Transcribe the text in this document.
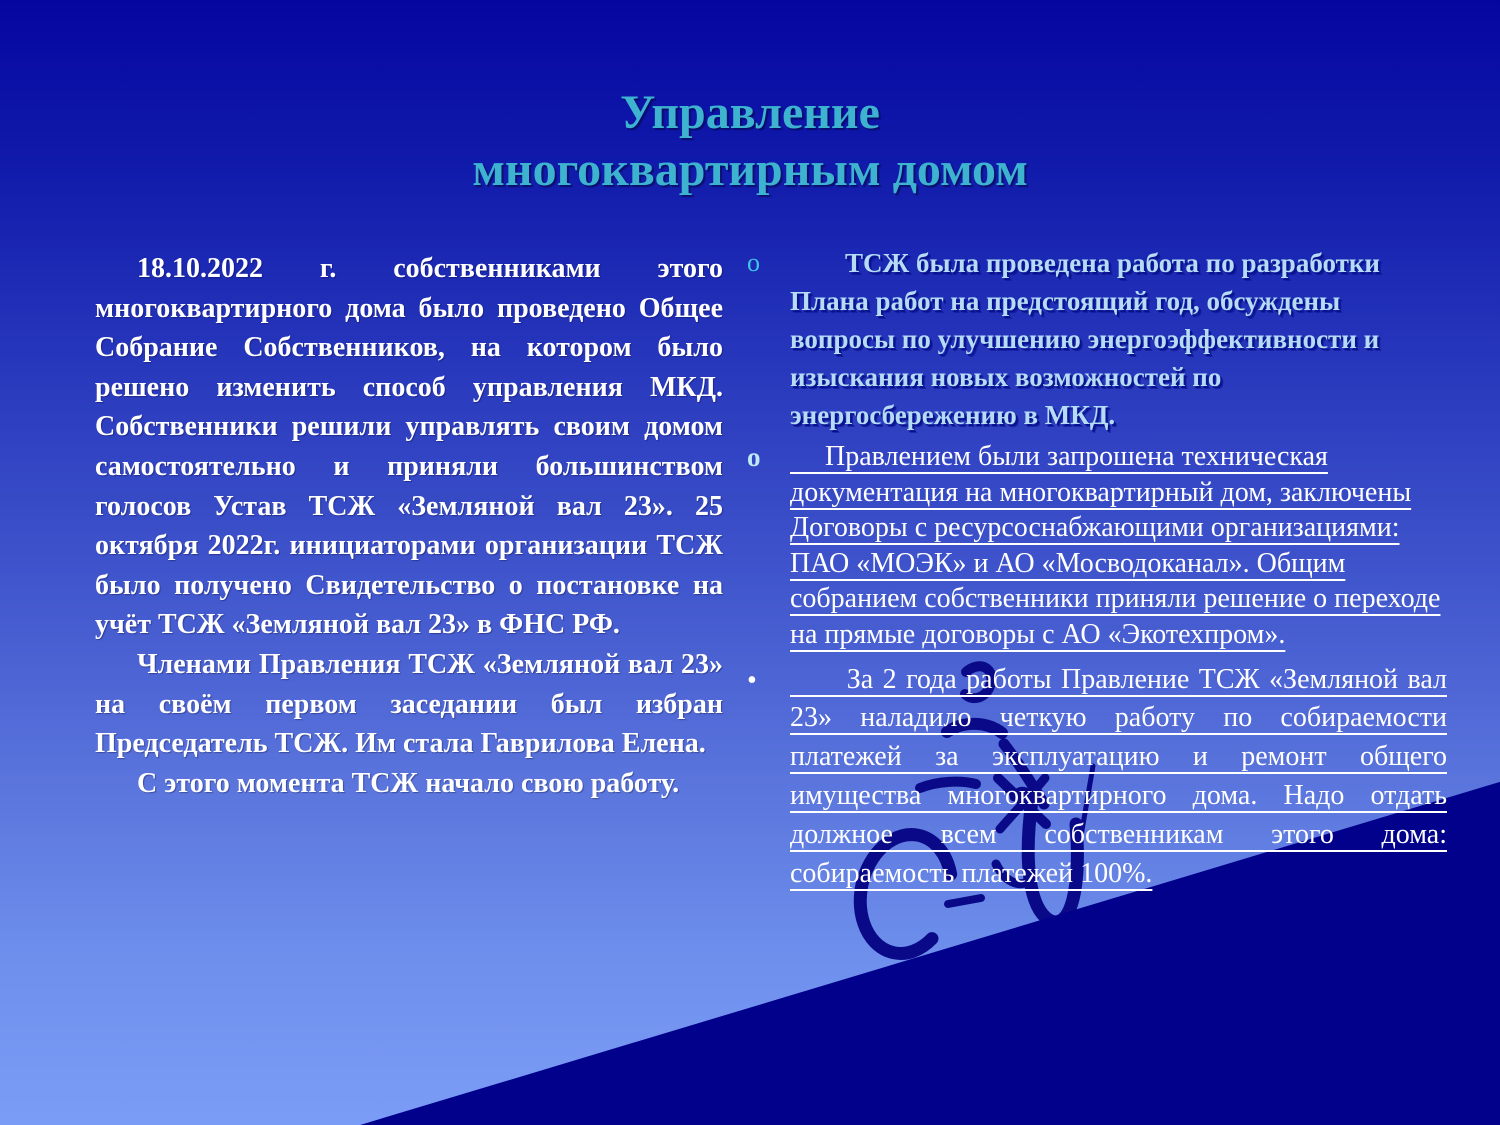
Управление
многоквартирным домом

18.10.2022 г. собственниками этого многоквартирного дома было проведено Общее Собрание Собственников, на котором было решено изменить способ управления МКД. Собственники решили управлять своим домом самостоятельно и приняли большинством голосов Устав ТСЖ «Земляной вал 23». 25 октября 2022г. инициаторами организации ТСЖ было получено Свидетельство о постановке на учёт ТСЖ «Земляной вал 23» в ФНС РФ.

Членами Правления ТСЖ «Земляной вал 23» на своём первом заседании был избран Председатель ТСЖ. Им стала Гаврилова Елена.

С этого момента ТСЖ начало свою работу.

o	ТСЖ была проведена работа по разработки Плана работ на предстоящий год, обсуждены вопросы по улучшению энергоэффективности и изыскания новых возможностей по энергосбережению в МКД.

o	Правлением были запрошена техническая документация на многоквартирный дом, заключены Договоры с ресурсоснабжающими организациями: ПАО «МОЭК» и АО «Мосводоканал». Общим собранием собственники приняли решение о переходе на прямые договоры с АО «Экотехпром».

•	За 2 года работы Правление ТСЖ «Земляной вал 23» наладило четкую работу по собираемости платежей за эксплуатацию и ремонт общего имущества многоквартирного дома. Надо отдать должное всем собственникам этого дома: собираемость платежей 100%.
